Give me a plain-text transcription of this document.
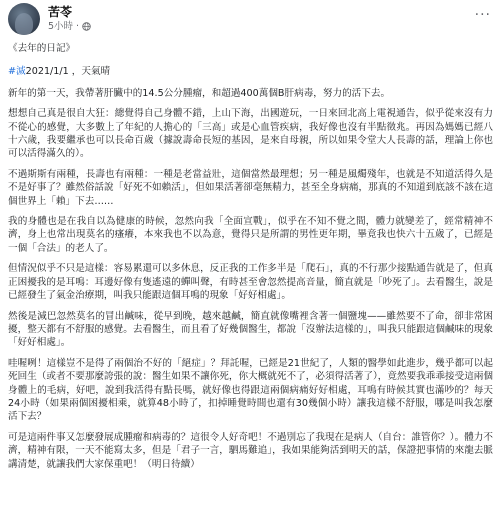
苦苓
5小時 ·
···

《去年的日記》

#滅2021/1/1 ，天氣晴

新年的第一天，我帶著肝臟中的14.5公分腫瘤，和超過400萬個B肝病毒，努力的活下去。

想想自己真是很自大狂：總覺得自己身體不錯，上山下海，出國遊玩，一日來回北高上電視通告，似乎從來沒有力不從心的感覺，大多數上了年紀的人擔心的「三高」或是心血管疾病，我好像也沒有半點徵兆。再因為媽媽已經八十六歲，我要繼承也可以長命百歲（據說壽命長短的基因，是來自母親，所以如果令堂大人長壽的話，理論上你也可以活得滿久的）。

不過斯斯有兩種，長壽也有兩種：一種是老當益壯，這個當然最理想；另一種是風燭殘年，也就是不知道活得久是不是好事了？雖然俗話說「好死不如賴活」，但如果活著卻毫無精力，甚至全身病痛，那真的不知道到底該不該在這個世界上「賴」下去……

我的身體也是在我自以為健康的時候，忽然向我「全面宣戰」，似乎在不知不覺之間，體力就變差了，經常精神不濟，身上也常出現莫名的瘙癢，本來我也不以為意，覺得只是所謂的男性更年期，畢竟我也快六十五歲了，已經是一個「合法」的老人了。

但情況似乎不只是這樣：容易累還可以多休息，反正我的工作多半是「爬石」，真的不行那少接點通告就是了，但真正困擾我的是耳鳴：耳邊好像有隻遙遠的蟬叫聲，有時甚至會忽然提高音量，簡直就是「吵死了」。去看醫生，說是已經發生了氣金治療期，叫我只能跟這個耳鳴的現象「好好相處」。

然後是減巴忽然莫名的冒出鹹味，從早到晚，越來越鹹，簡直就像嘴裡含著一個鹽塊——雖然要不了命，卻非常困擾，整天都有不舒服的感覺。去看醫生，而且看了好幾個醫生，都說「沒辦法這樣的」，叫我只能跟這個鹹味的現象「好好相處」。

哇喔咧！這樣豈不是得了兩個治不好的「絕症」？拜託喔，已經是21世紀了，人類的醫學如此進步，幾乎都可以起死回生（或者不要那麼誇張的說：醫生如果不讓你死，你大概就死不了，必須得活著了），竟然要我乖乖接受這兩個身體上的毛病，好吧，說到我活得有點長嗎，就好像也得跟這兩個病痛好好相處，耳鳴有時候其實也滿吵的？每天24小時（如果兩個困擾相乘，就算48小時了，扣掉睡覺時間也還有30幾個小時）讓我這樣不舒服，哪是叫我怎麼活下去？

可是這兩件事又怎麼發展成腫瘤和病毒的？這很令人好奇吧！不過別忘了我現在是病人（自台：誰管你？）。體力不濟，精神有限，一天不能寫太多，但是「君子一言，駟馬難追」，我如果能夠活到明天的話，保證把事情的來龍去脈講清楚，就讓我們大家保重吧！（明日待續）
